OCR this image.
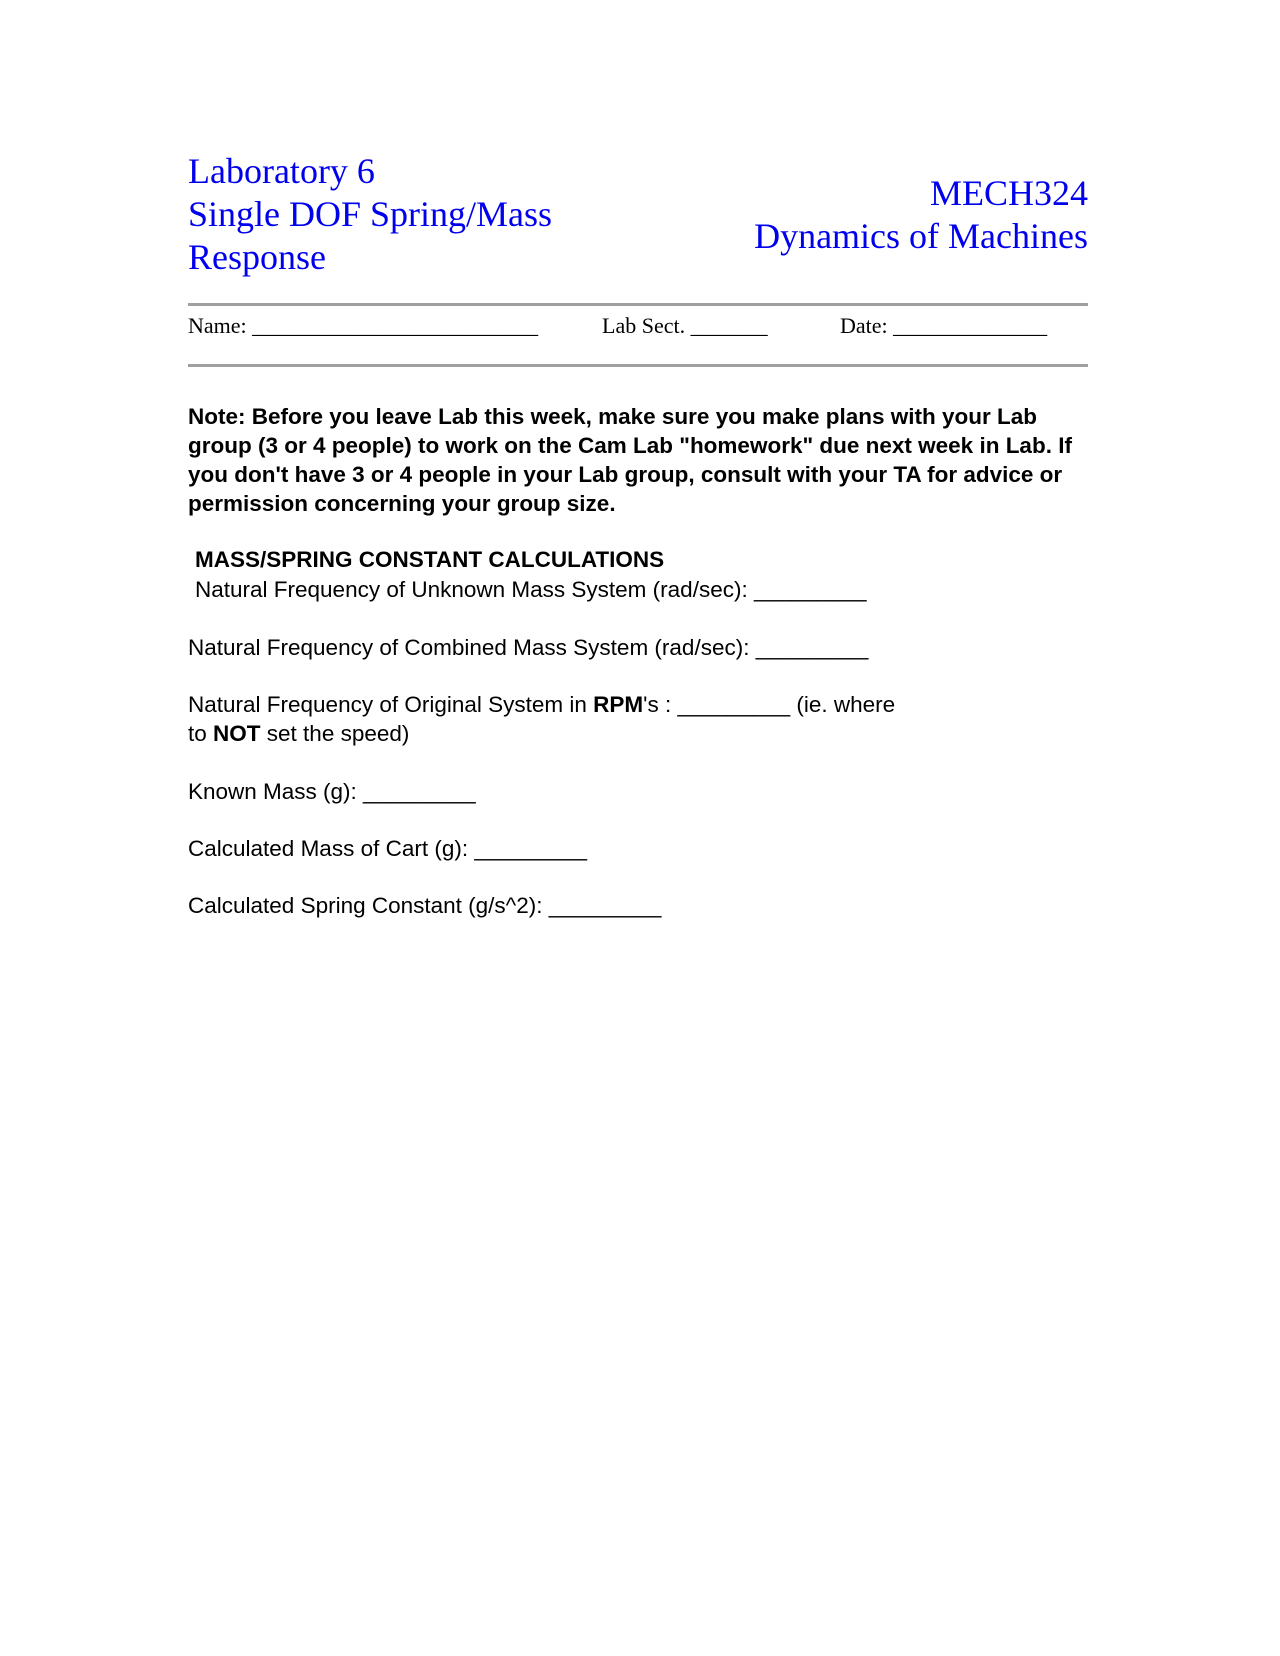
Laboratory 6
Single DOF Spring/Mass
Response
MECH324
Dynamics of Machines
Name: __________________________	Lab Sect. _______	Date: ______________
Note: Before you leave Lab this week, make sure you make plans with your Lab group (3 or 4 people) to work on the Cam Lab "homework" due next week in Lab. If you don't have 3 or 4 people in your Lab group, consult with your TA for advice or permission concerning your group size.
MASS/SPRING CONSTANT CALCULATIONS
Natural Frequency of Unknown Mass System (rad/sec): _________
Natural Frequency of Combined Mass System (rad/sec): _________
Natural Frequency of Original System in RPM's : _________ (ie. where
to NOT set the speed)
Known Mass (g): _________
Calculated Mass of Cart (g): _________
Calculated Spring Constant (g/s^2): _________
